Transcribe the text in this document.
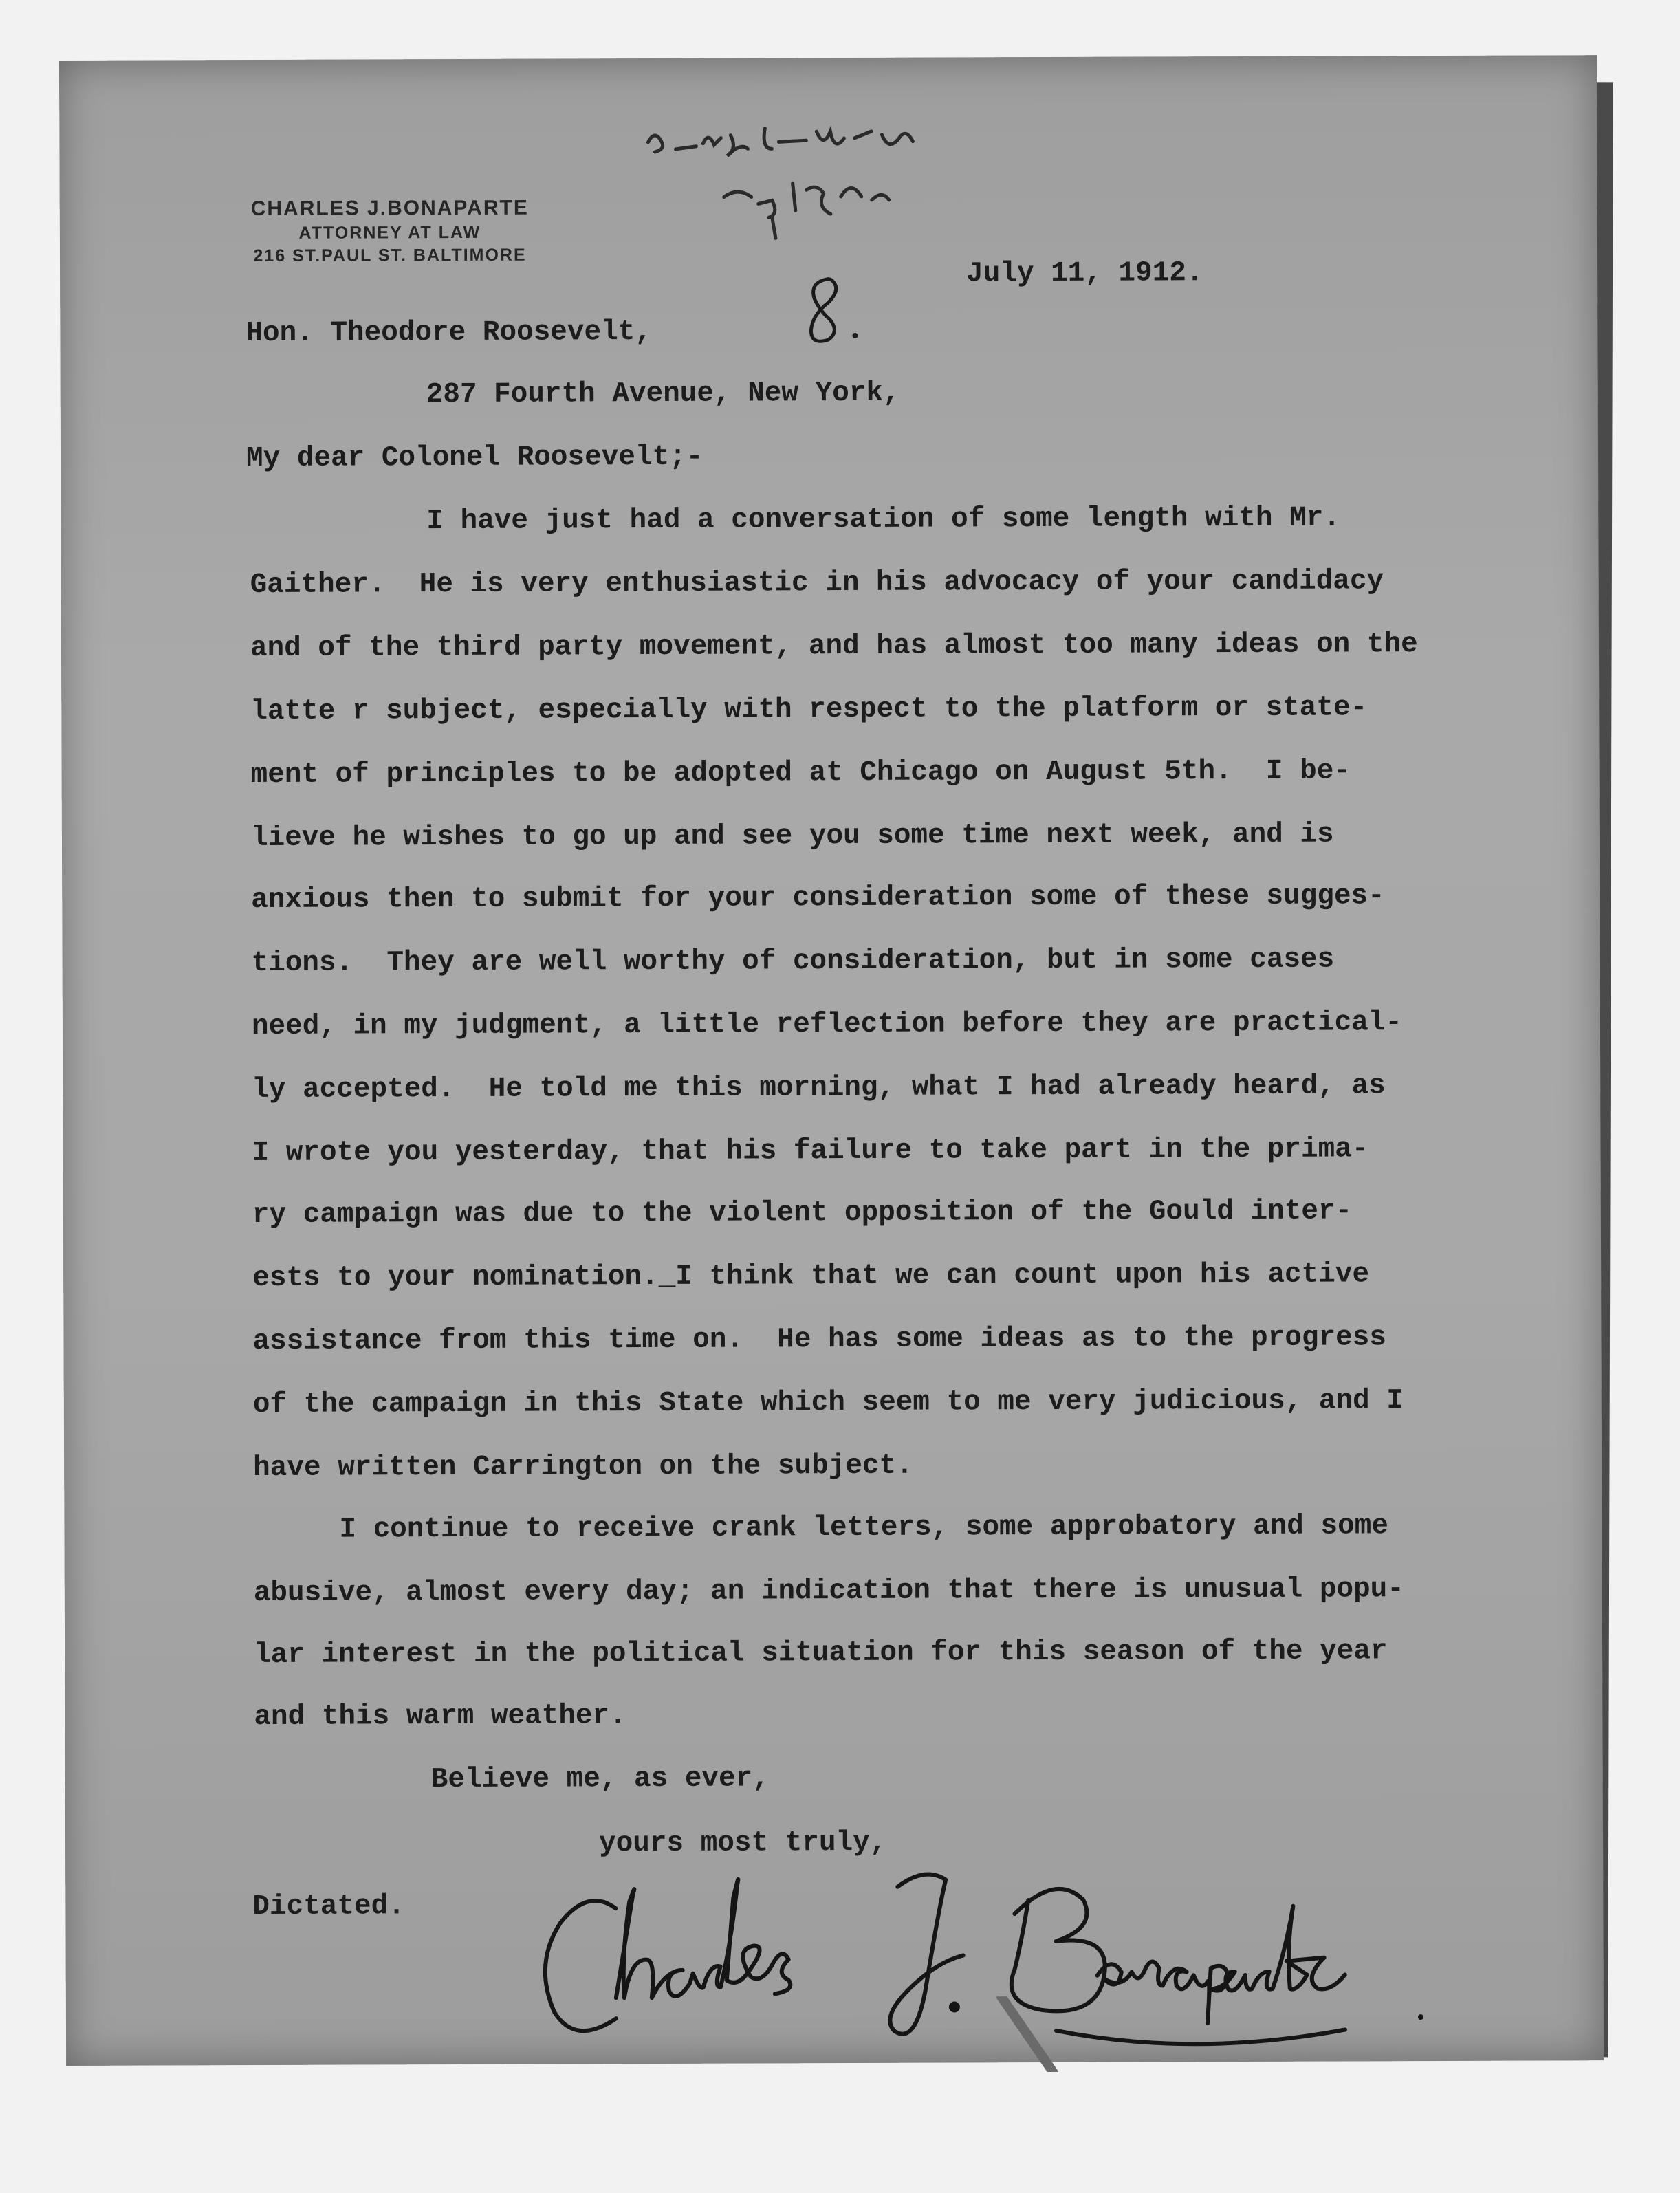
CHARLES J.BONAPARTE
ATTORNEY AT LAW
216 ST.PAUL ST. BALTIMORE
July 11, 1912.
Hon. Theodore Roosevelt,
287 Fourth Avenue, New York,
My dear Colonel Roosevelt;-
I have just had a conversation of some length with Mr.
Gaither.  He is very enthusiastic in his advocacy of your candidacy
and of the third party movement, and has almost too many ideas on the
latte r subject, especially with respect to the platform or state-
ment of principles to be adopted at Chicago on August 5th.  I be-
lieve he wishes to go up and see you some time next week, and is
anxious then to submit for your consideration some of these sugges-
tions.  They are well worthy of consideration, but in some cases
need, in my judgment, a little reflection before they are practical-
ly accepted.  He told me this morning, what I had already heard, as
I wrote you yesterday, that his failure to take part in the prima-
ry campaign was due to the violent opposition of the Gould inter-
ests to your nomination._I think that we can count upon his active
assistance from this time on.  He has some ideas as to the progress
of the campaign in this State which seem to me very judicious, and I
have written Carrington on the subject.
I continue to receive crank letters, some approbatory and some
abusive, almost every day; an indication that there is unusual popu-
lar interest in the political situation for this season of the year
and this warm weather.
Believe me, as ever,
yours most truly,
Dictated.
